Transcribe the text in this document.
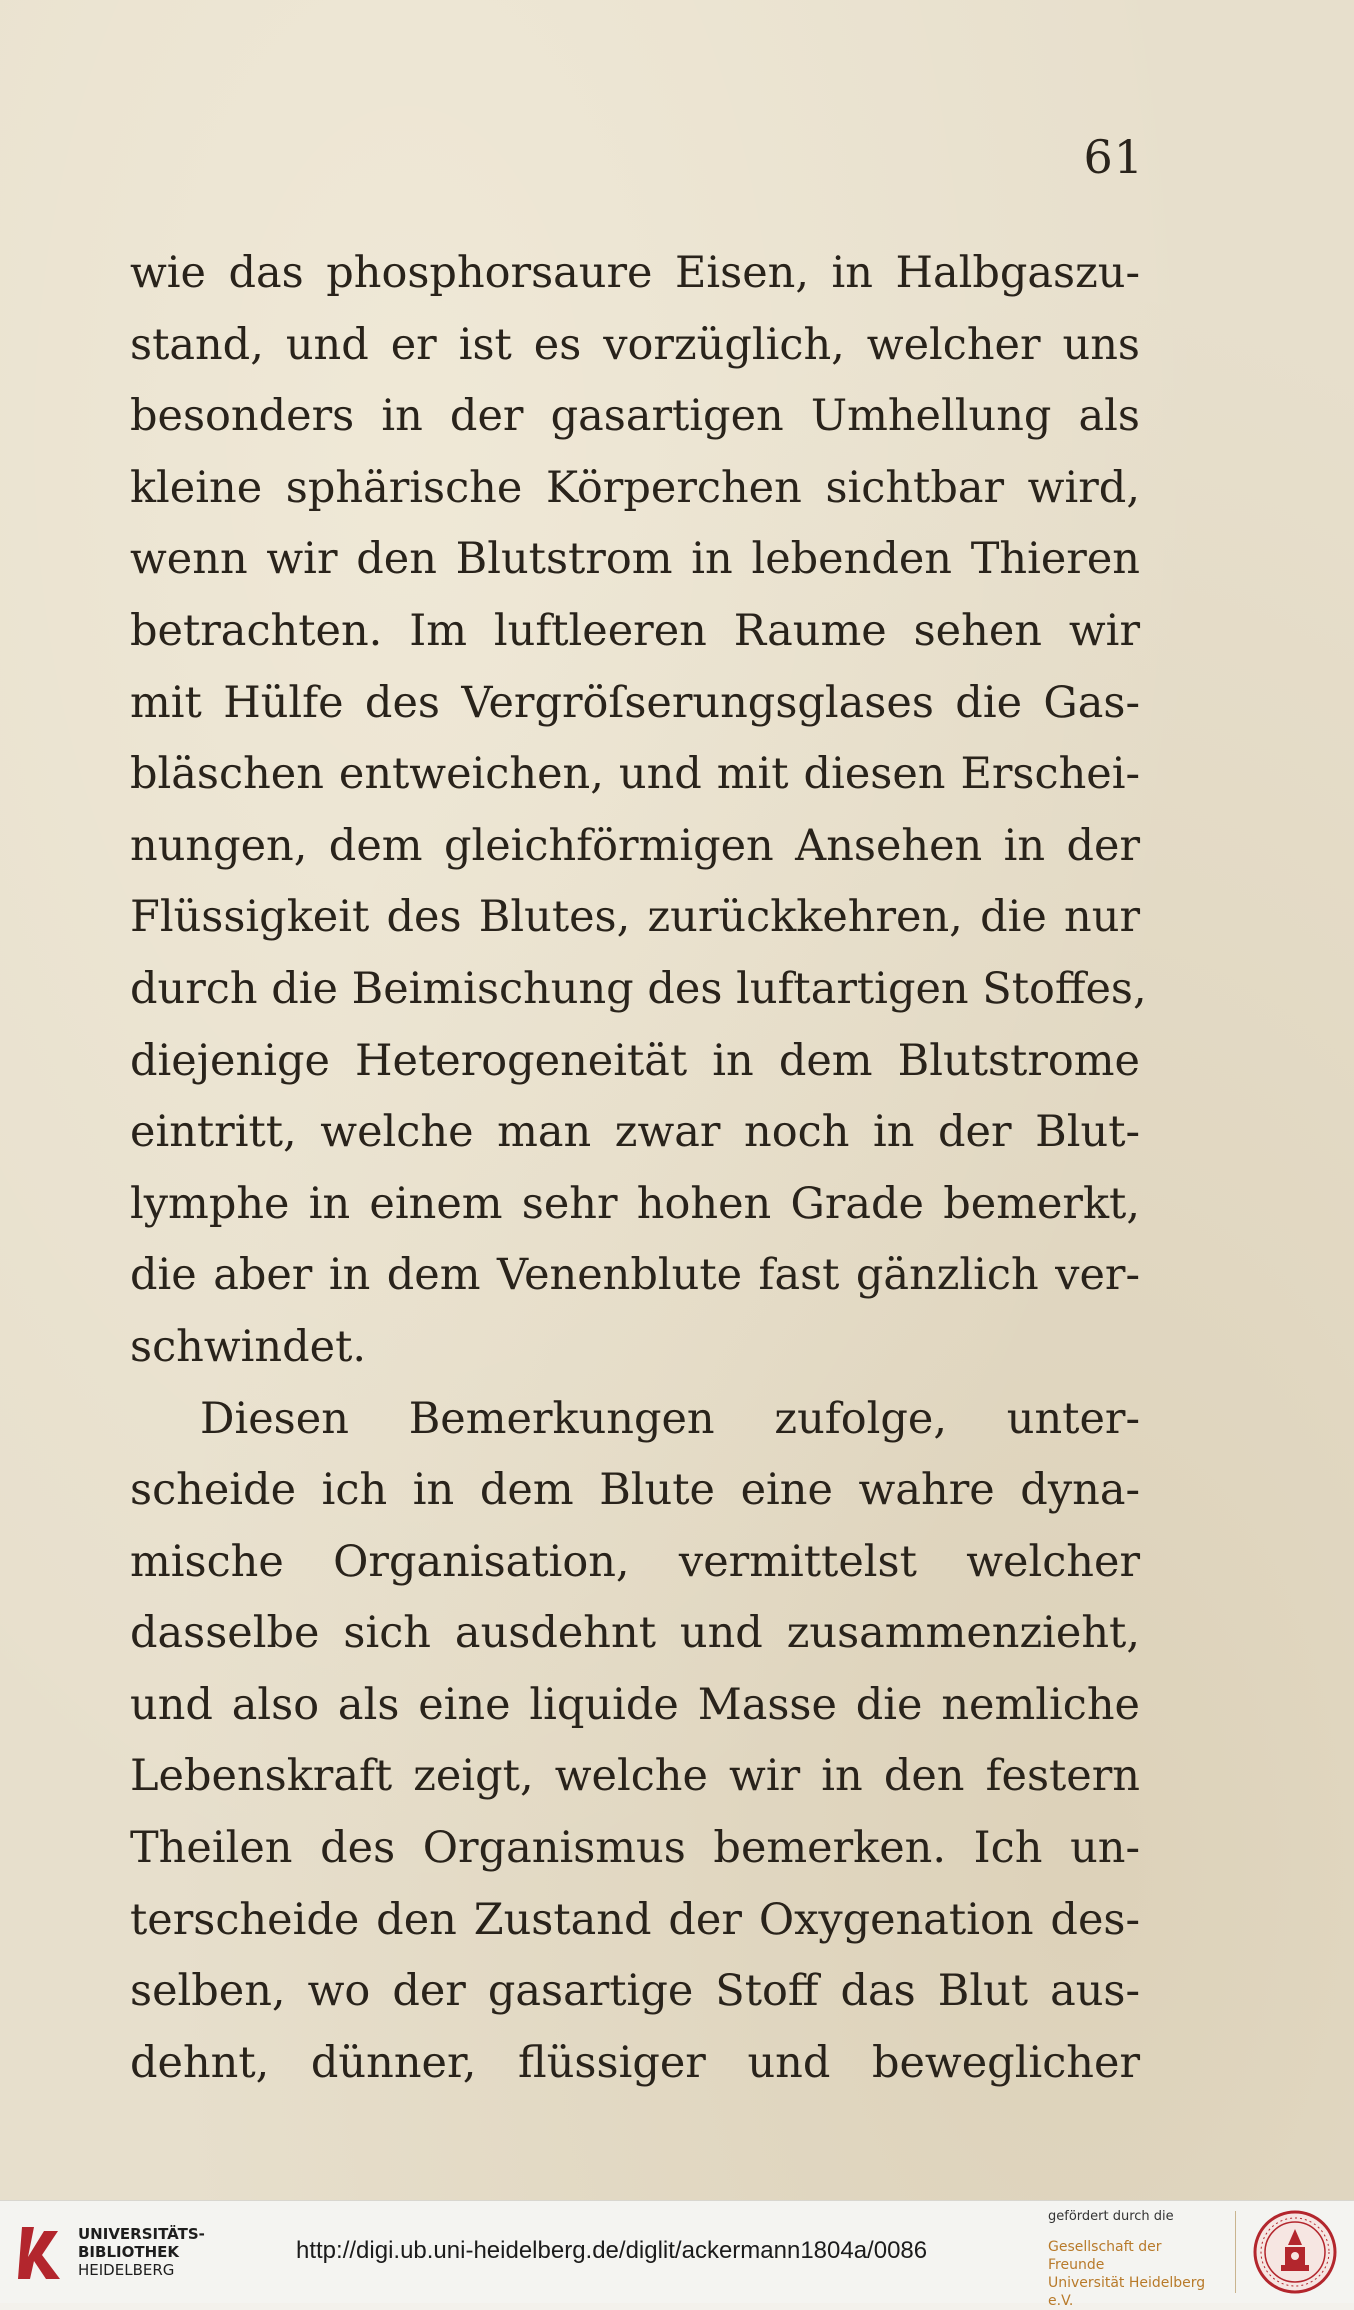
61
wie das phosphorsaure Eisen, in Halbgaszu-
stand, und er ist es vorzüglich, welcher uns
besonders in der gasartigen Umhellung als
kleine sphärische Körperchen sichtbar wird,
wenn wir den Blutstrom in lebenden Thieren
betrachten. Im luftleeren Raume sehen wir
mit Hülfe des Vergröſserungsglases die Gas-
bläschen entweichen, und mit diesen Erschei-
nungen, dem gleichförmigen Ansehen in der
Flüssigkeit des Blutes, zurückkehren, die nur
durch die Beimischung des luftartigen Stoffes,
diejenige Heterogeneität in dem Blutstrome
eintritt, welche man zwar noch in der Blut-
lymphe in einem sehr hohen Grade bemerkt,
die aber in dem Venenblute fast gänzlich ver-
schwindet.
Diesen Bemerkungen zufolge, unter-
scheide ich in dem Blute eine wahre dyna-
mische Organisation, vermittelst welcher
dasselbe sich ausdehnt und zusammenzieht,
und also als eine liquide Masse die nemliche
Lebenskraft zeigt, welche wir in den festern
Theilen des Organismus bemerken. Ich un-
terscheide den Zustand der Oxygenation des-
selben, wo der gasartige Stoff das Blut aus-
dehnt, dünner, flüssiger und beweglicher
UNIVERSITÄTS-
BIBLIOTHEK
HEIDELBERG
http://digi.ub.uni-heidelberg.de/diglit/ackermann1804a/0086
gefördert durch die
Gesellschaft der Freunde
Universität Heidelberg e.V.
